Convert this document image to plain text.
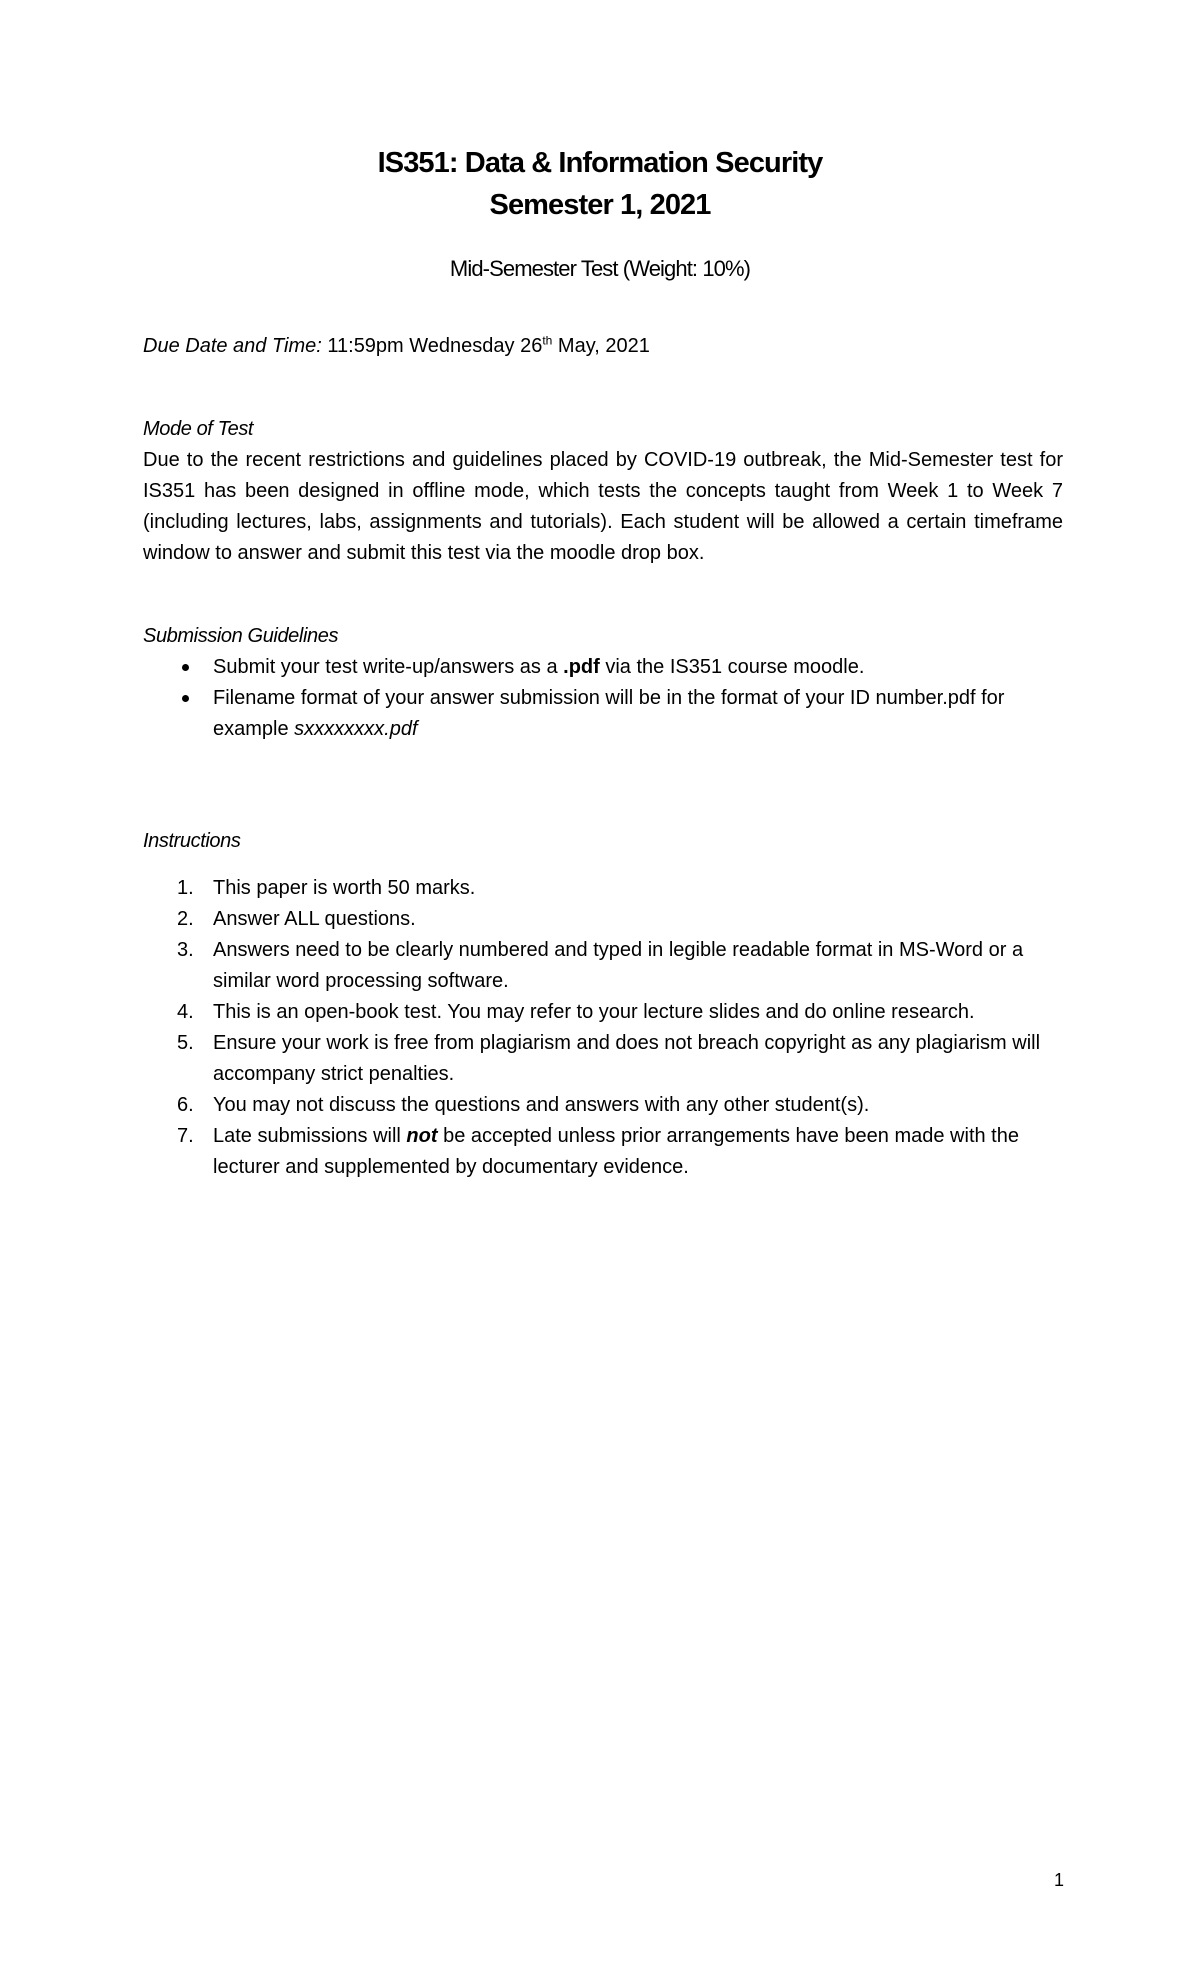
IS351: Data & Information Security
Semester 1, 2021
Mid-Semester Test (Weight: 10%)
Due Date and Time: 11:59pm Wednesday 26th May, 2021
Mode of Test
Due to the recent restrictions and guidelines placed by COVID-19 outbreak, the Mid-Semester test for IS351 has been designed in offline mode, which tests the concepts taught from Week 1 to Week 7 (including lectures, labs, assignments and tutorials). Each student will be allowed a certain timeframe window to answer and submit this test via the moodle drop box.
Submission Guidelines
Submit your test write-up/answers as a .pdf via the IS351 course moodle.
Filename format of your answer submission will be in the format of your ID number.pdf for example sxxxxxxxx.pdf
Instructions
1. This paper is worth 50 marks.
2. Answer ALL questions.
3. Answers need to be clearly numbered and typed in legible readable format in MS-Word or a similar word processing software.
4. This is an open-book test. You may refer to your lecture slides and do online research.
5. Ensure your work is free from plagiarism and does not breach copyright as any plagiarism will accompany strict penalties.
6. You may not discuss the questions and answers with any other student(s).
7. Late submissions will not be accepted unless prior arrangements have been made with the lecturer and supplemented by documentary evidence.
1
